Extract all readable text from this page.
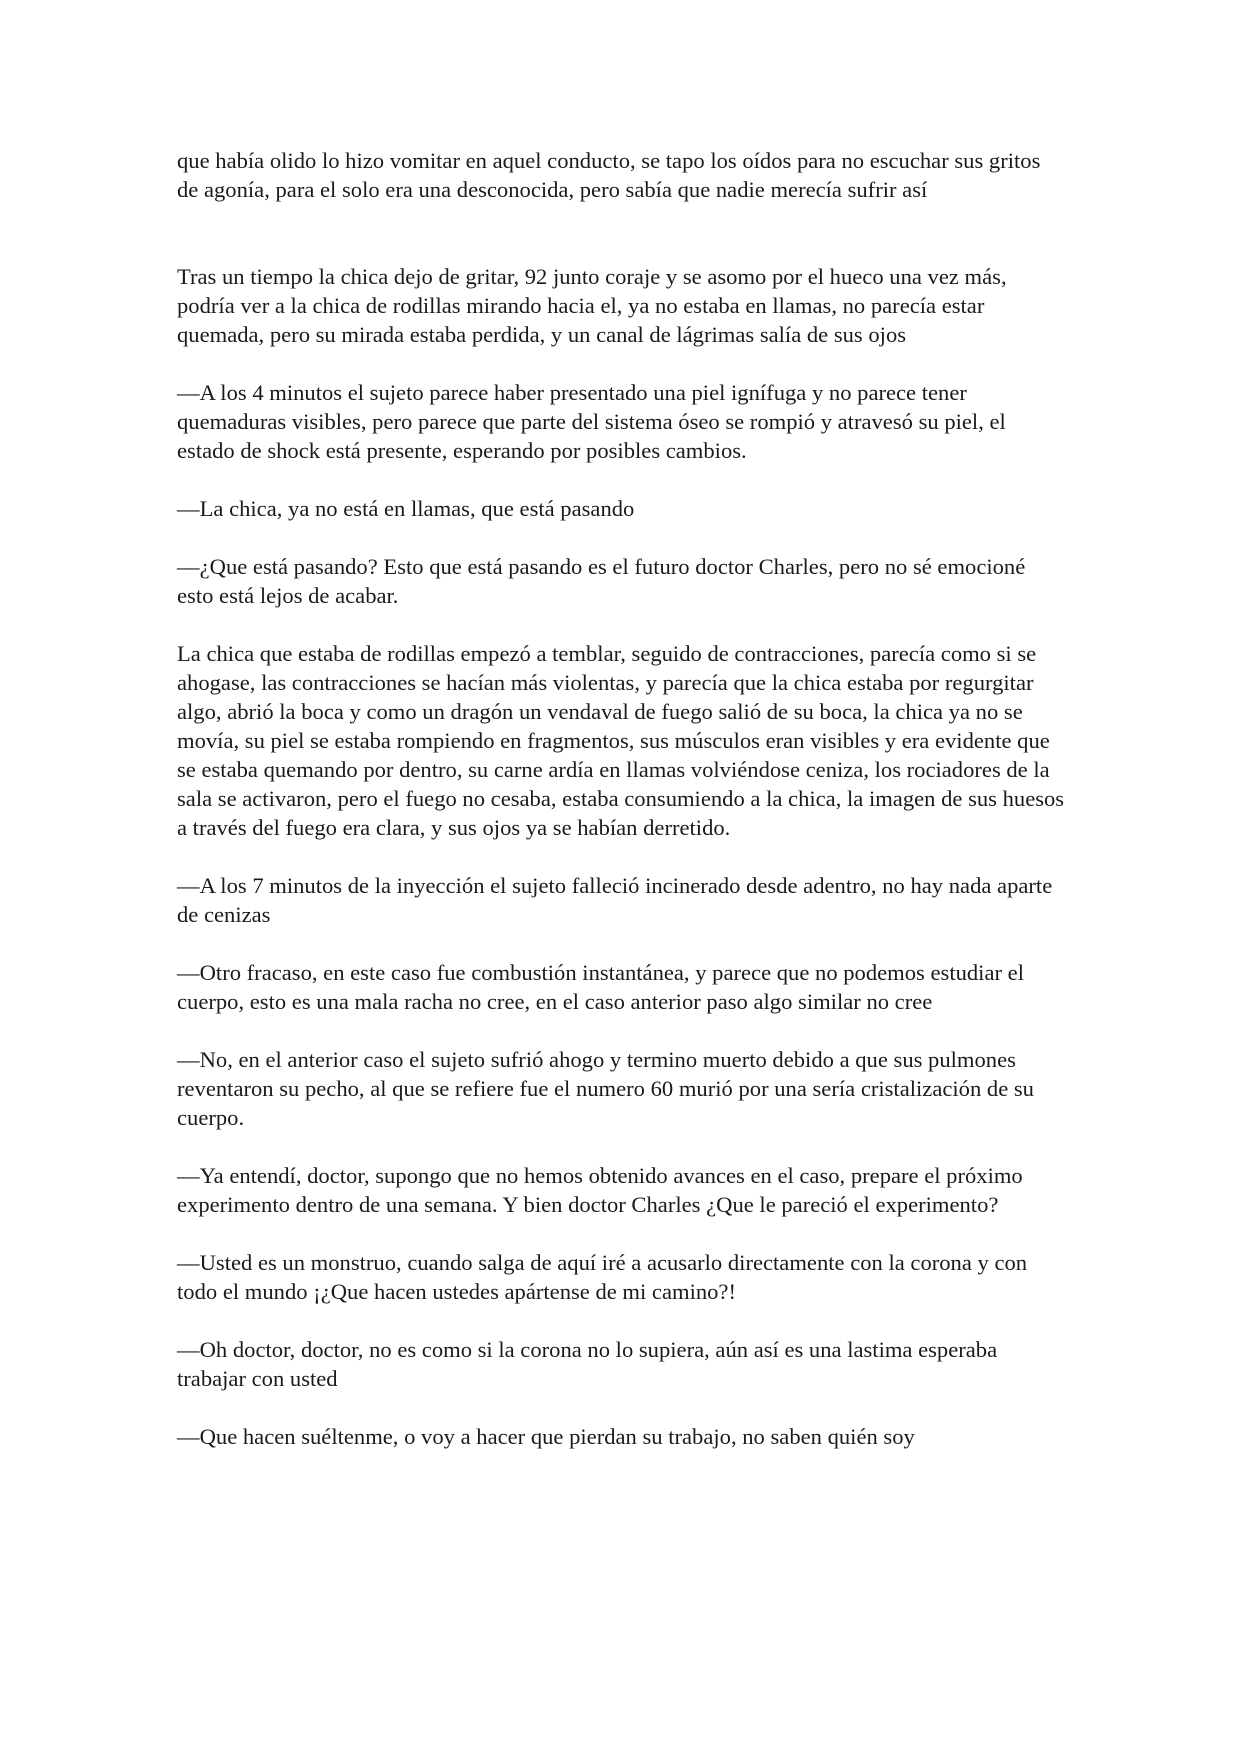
que había olido lo hizo vomitar en aquel conducto, se tapo los oídos para no escuchar sus gritos de agonía, para el solo era una desconocida, pero sabía que nadie merecía sufrir así

Tras un tiempo la chica dejo de gritar, 92 junto coraje y se asomo por el hueco una vez más, podría ver a la chica de rodillas mirando hacia el, ya no estaba en llamas, no parecía estar quemada, pero su mirada estaba perdida, y un canal de lágrimas salía de sus ojos

—A los 4 minutos el sujeto parece haber presentado una piel ignífuga y no parece tener quemaduras visibles, pero parece que parte del sistema óseo se rompió y atravesó su piel, el estado de shock está presente, esperando por posibles cambios.

—La chica, ya no está en llamas, que está pasando

—¿Que está pasando? Esto que está pasando es el futuro doctor Charles, pero no sé emocioné esto está lejos de acabar.

La chica que estaba de rodillas empezó a temblar, seguido de contracciones, parecía como si se ahogase, las contracciones se hacían más violentas, y parecía que la chica estaba por regurgitar algo, abrió la boca y como un dragón un vendaval de fuego salió de su boca, la chica ya no se movía, su piel se estaba rompiendo en fragmentos, sus músculos eran visibles y era evidente que se estaba quemando por dentro, su carne ardía en llamas volviéndose ceniza, los rociadores de la sala se activaron, pero el fuego no cesaba, estaba consumiendo a la chica, la imagen de sus huesos a través del fuego era clara, y sus ojos ya se habían derretido.

—A los 7 minutos de la inyección el sujeto falleció incinerado desde adentro, no hay nada aparte de cenizas

—Otro fracaso, en este caso fue combustión instantánea, y parece que no podemos estudiar el cuerpo, esto es una mala racha no cree, en el caso anterior paso algo similar no cree

—No, en el anterior caso el sujeto sufrió ahogo y termino muerto debido a que sus pulmones reventaron su pecho, al que se refiere fue el numero 60 murió por una sería cristalización de su cuerpo.

—Ya entendí, doctor, supongo que no hemos obtenido avances en el caso, prepare el próximo experimento dentro de una semana. Y bien doctor Charles ¿Que le pareció el experimento?

—Usted es un monstruo, cuando salga de aquí iré a acusarlo directamente con la corona y con todo el mundo ¡¿Que hacen ustedes apártense de mi camino?!

—Oh doctor, doctor, no es como si la corona no lo supiera, aún así es una lastima esperaba trabajar con usted

—Que hacen suéltenme, o voy a hacer que pierdan su trabajo, no saben quién soy
